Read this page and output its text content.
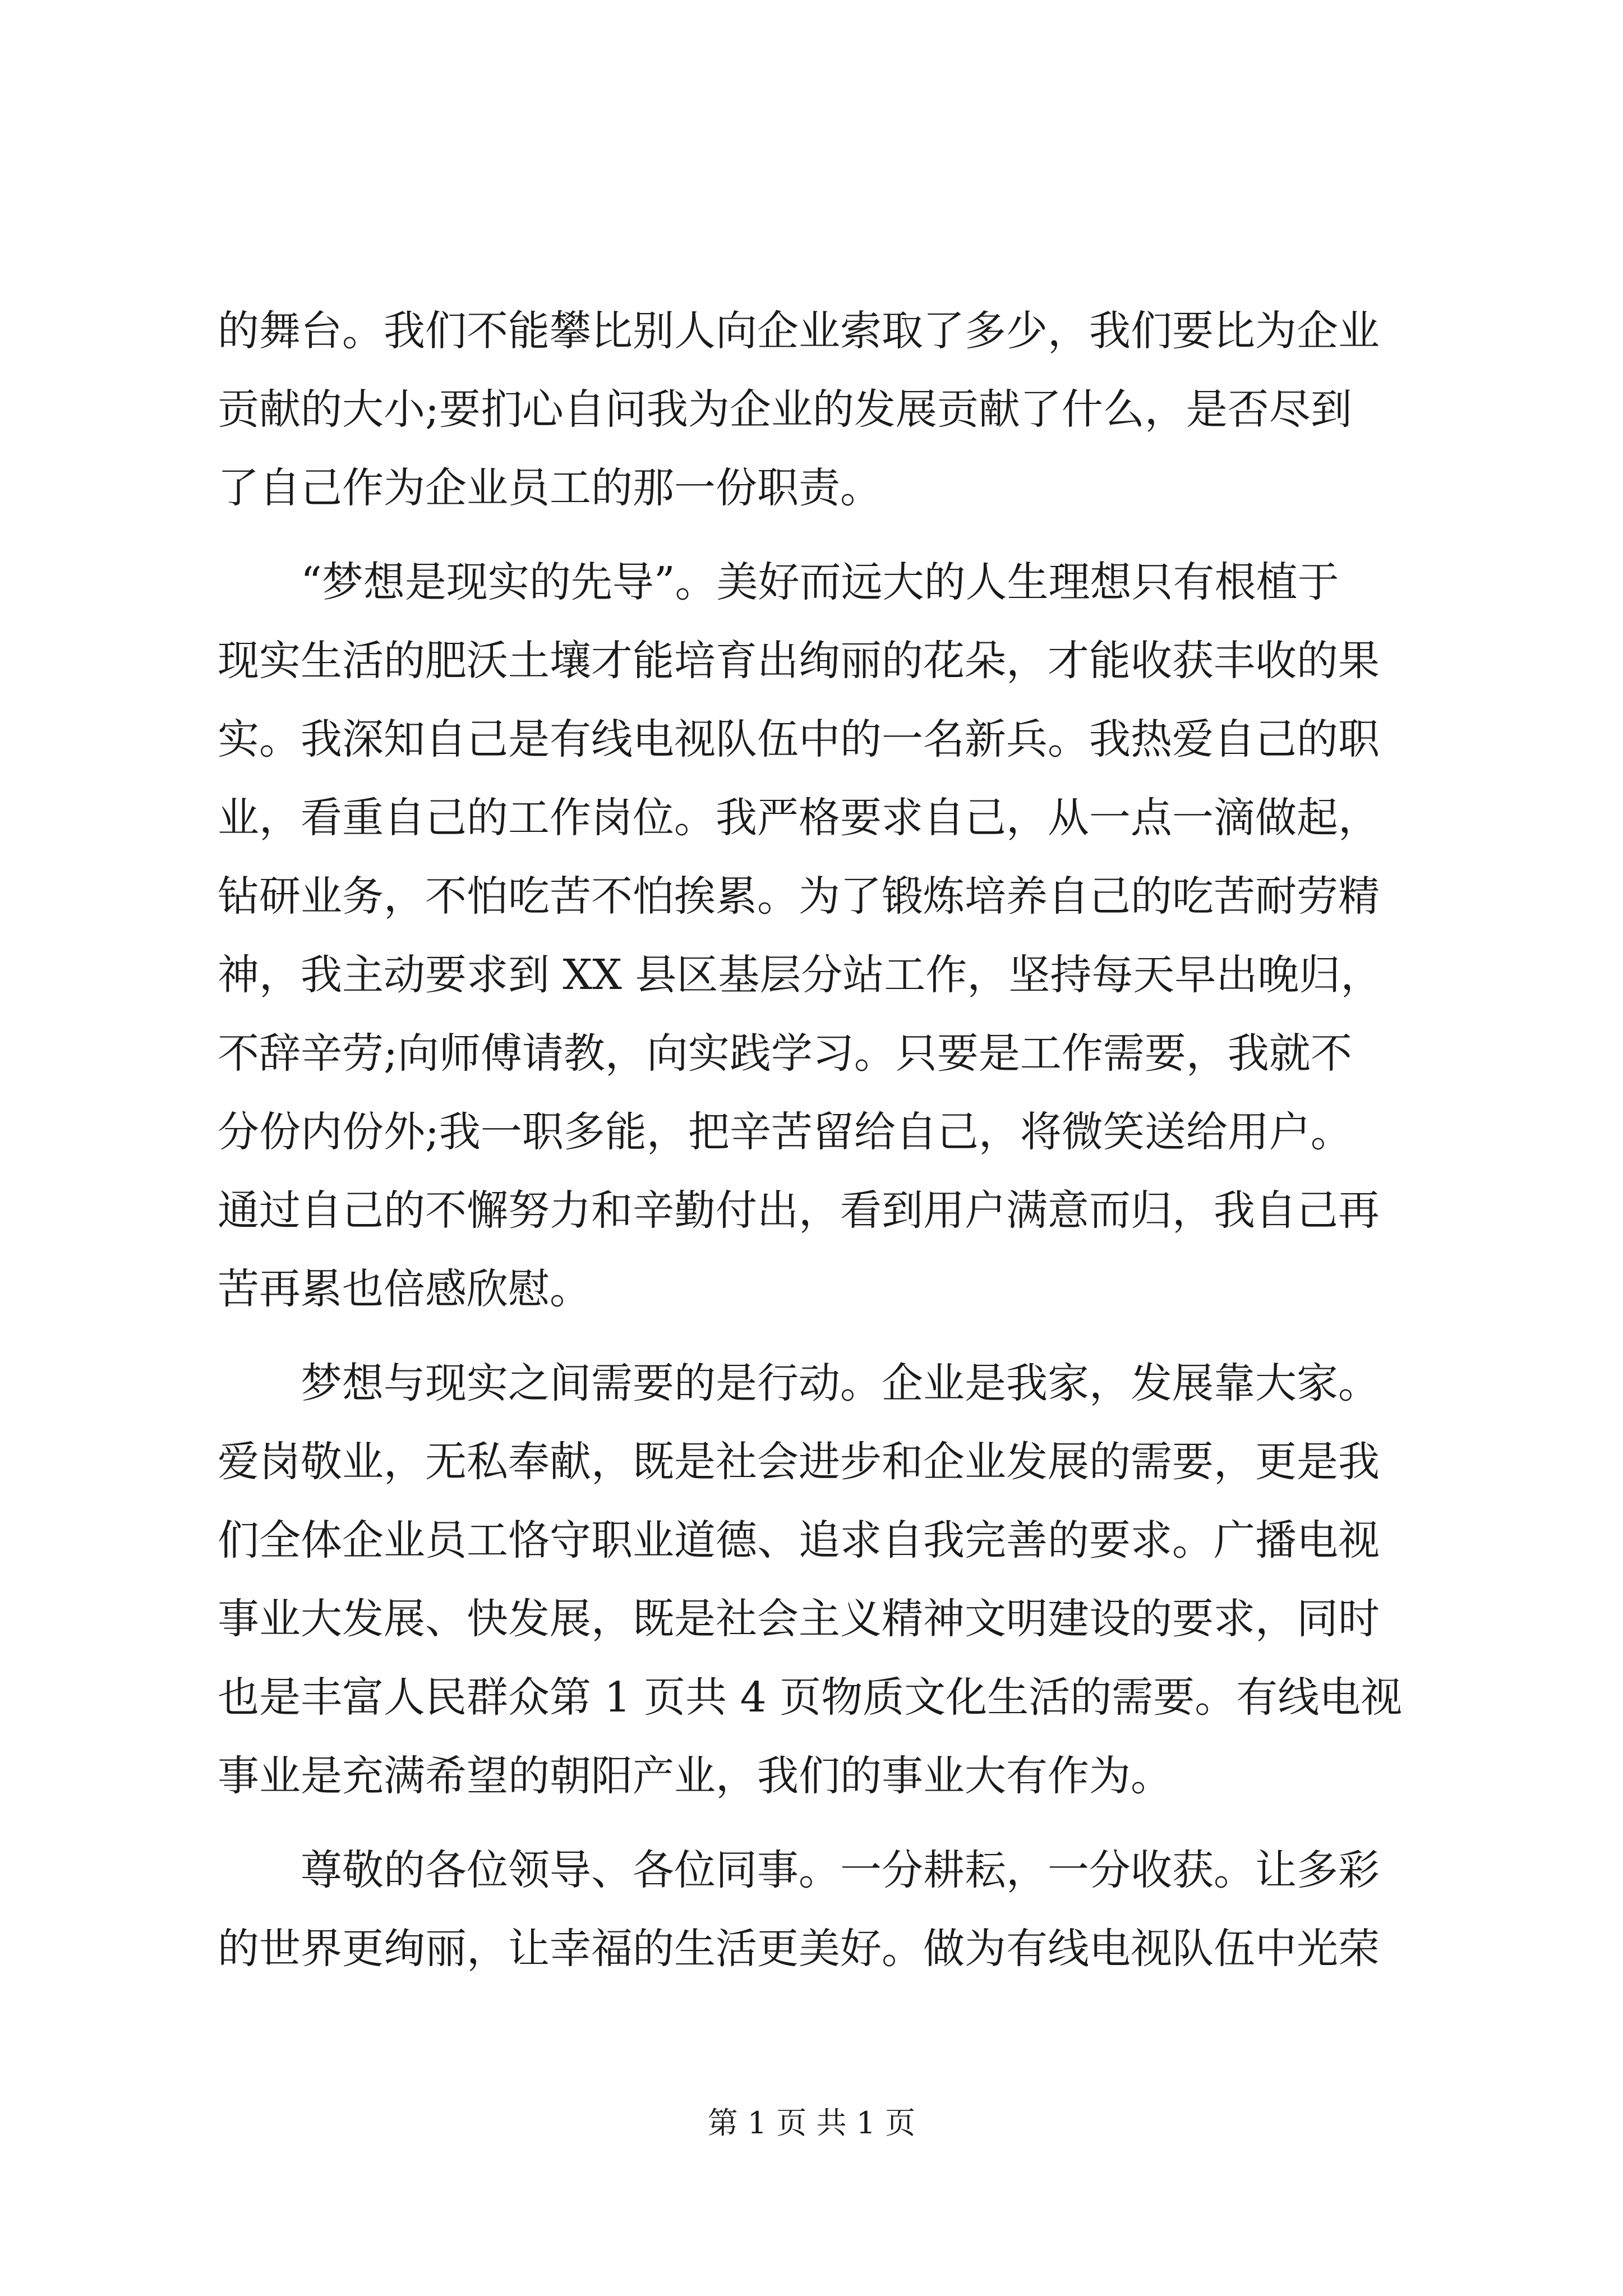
的舞台。我们不能攀比别人向企业索取了多少，我们要比为企业
贡献的大小;要扪心自问我为企业的发展贡献了什么，是否尽到
了自己作为企业员工的那一份职责。
“梦想是现实的先导”。美好而远大的人生理想只有根植于
现实生活的肥沃土壤才能培育出绚丽的花朵，才能收获丰收的果
实。我深知自己是有线电视队伍中的一名新兵。我热爱自己的职
业，看重自己的工作岗位。我严格要求自己，从一点一滴做起，
钻研业务，不怕吃苦不怕挨累。为了锻炼培养自己的吃苦耐劳精
神，我主动要求到 XX 县区基层分站工作，坚持每天早出晚归，
不辞辛劳;向师傅请教，向实践学习。只要是工作需要，我就不
分份内份外;我一职多能，把辛苦留给自己，将微笑送给用户。
通过自己的不懈努力和辛勤付出，看到用户满意而归，我自己再
苦再累也倍感欣慰。
梦想与现实之间需要的是行动。企业是我家，发展靠大家。
爱岗敬业，无私奉献，既是社会进步和企业发展的需要，更是我
们全体企业员工恪守职业道德、追求自我完善的要求。广播电视
事业大发展、快发展，既是社会主义精神文明建设的要求，同时
也是丰富人民群众第 1 页共 4 页物质文化生活的需要。有线电视
事业是充满希望的朝阳产业，我们的事业大有作为。
尊敬的各位领导、各位同事。一分耕耘，一分收获。让多彩
的世界更绚丽，让幸福的生活更美好。做为有线电视队伍中光荣
第 1 页 共 1 页
